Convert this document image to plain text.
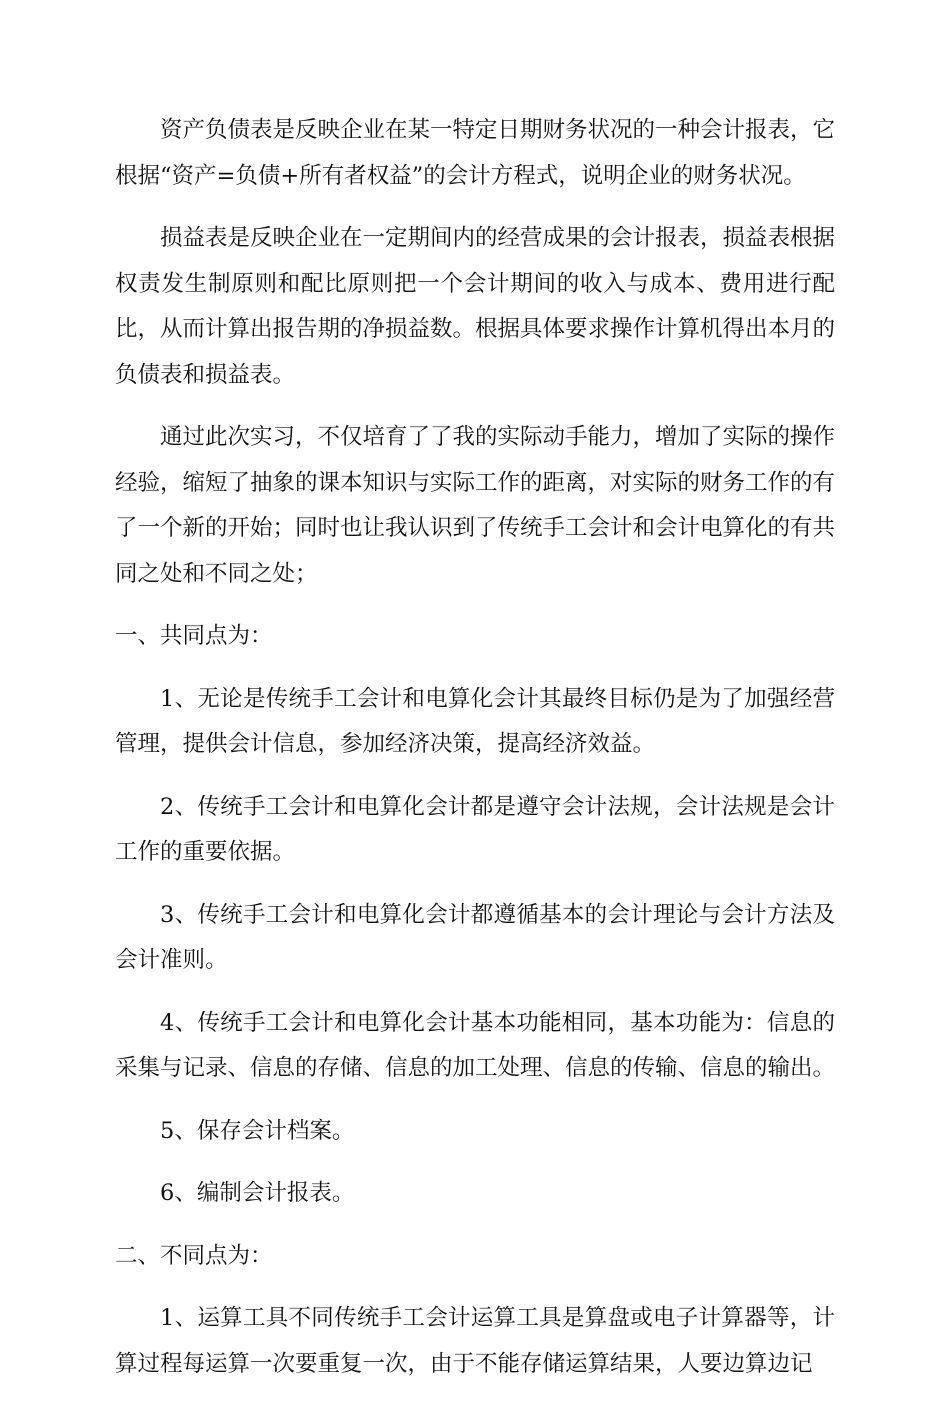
资产负债表是反映企业在某一特定日期财务状况的一种会计报表，它根据“资产=负债+所有者权益”的会计方程式，说明企业的财务状况。

损益表是反映企业在一定期间内的经营成果的会计报表，损益表根据权责发生制原则和配比原则把一个会计期间的收入与成本、费用进行配比，从而计算出报告期的净损益数。根据具体要求操作计算机得出本月的负债表和损益表。

通过此次实习，不仅培育了了我的实际动手能力，增加了实际的操作经验，缩短了抽象的课本知识与实际工作的距离，对实际的财务工作的有了一个新的开始；同时也让我认识到了传统手工会计和会计电算化的有共同之处和不同之处；

一、共同点为：

1、无论是传统手工会计和电算化会计其最终目标仍是为了加强经营管理，提供会计信息，参加经济决策，提高经济效益。

2、传统手工会计和电算化会计都是遵守会计法规，会计法规是会计工作的重要依据。

3、传统手工会计和电算化会计都遵循基本的会计理论与会计方法及会计准则。

4、传统手工会计和电算化会计基本功能相同，基本功能为：信息的采集与记录、信息的存储、信息的加工处理、信息的传输、信息的输出。

5、保存会计档案。

6、编制会计报表。

二、不同点为：

1、运算工具不同传统手工会计运算工具是算盘或电子计算器等，计算过程每运算一次要重复一次，由于不能存储运算结果，人要边算边记
